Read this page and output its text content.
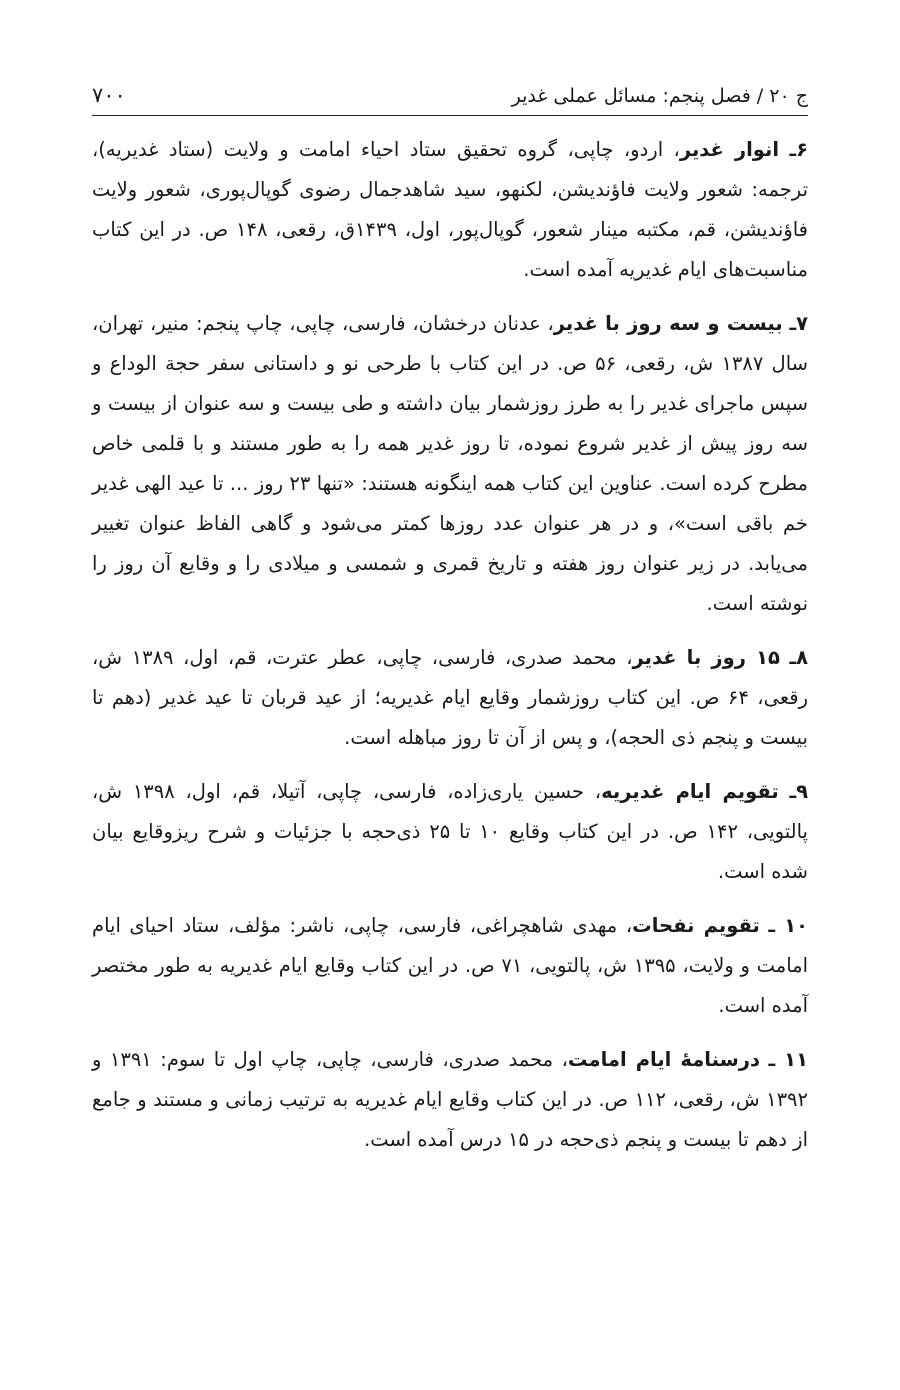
ج ۲۰ / فصل پنجم: مسائل عملی غدیر
۷۰۰

۶ـ انوار غدیر، اردو، چاپی، گروه تحقیق ستاد احیاء امامت و ولایت (ستاد غدیریه)، ترجمه: شعور ولایت فاؤندیشن، لکنهو، سید شاهدجمال رضوی گوپال‌پوری، شعور ولایت فاؤندیشن، قم، مکتبه مینار شعور، گوپال‌پور، اول، ۱۴۳۹ق، رقعی، ۱۴۸ ص. در این کتاب مناسبت‌های ایام غدیریه آمده است.

۷ـ بیست و سه روز با غدیر، عدنان درخشان، فارسی، چاپی، چاپ پنجم: منیر، تهران، سال ۱۳۸۷ ش، رقعی، ۵۶ ص. در این کتاب با طرحی نو و داستانی سفر حجة الوداع و سپس ماجرای غدیر را به طرز روزشمار بیان داشته و طی بیست و سه عنوان از بیست و سه روز پیش از غدیر شروع نموده، تا روز غدیر همه را به طور مستند و با قلمی خاص مطرح کرده است. عناوین این کتاب همه اینگونه هستند: «تنها ۲۳ روز ... تا عید الهی غدیر خم باقی است»، و در هر عنوان عدد روزها کمتر می‌شود و گاهی الفاظ عنوان تغییر می‌یابد. در زیر عنوان روز هفته و تاریخ قمری و شمسی و میلادی را و وقایع آن روز را نوشته است.

۸ـ ۱۵ روز با غدیر، محمد صدری، فارسی، چاپی، عطر عترت، قم، اول، ۱۳۸۹ ش، رقعی، ۶۴ ص. این کتاب روزشمار وقایع ایام غدیریه؛ از عید قربان تا عید غدیر (دهم تا بیست و پنجم ذی الحجه)، و پس از آن تا روز مباهله است.

۹ـ تقویم ایام غدیریه، حسین یاری‌زاده، فارسی، چاپی، آتیلا، قم، اول، ۱۳۹۸ ش، پالتویی، ۱۴۲ ص. در این کتاب وقایع ۱۰ تا ۲۵ ذی‌حجه با جزئیات و شرح ریزوقایع بیان شده است.

۱۰ ـ تقویم نفحات، مهدی شاهچراغی، فارسی، چاپی، ناشر: مؤلف، ستاد احیای ایام امامت و ولایت، ۱۳۹۵ ش، پالتویی، ۷۱ ص. در این کتاب وقایع ایام غدیریه به طور مختصر آمده است.

۱۱ ـ درسنامۀ ایام امامت، محمد صدری، فارسی، چاپی، چاپ اول تا سوم: ۱۳۹۱ و ۱۳۹۲ ش، رقعی، ۱۱۲ ص. در این کتاب وقایع ایام غدیریه به ترتیب زمانی و مستند و جامع از دهم تا بیست و پنجم ذی‌حجه در ۱۵ درس آمده است.
